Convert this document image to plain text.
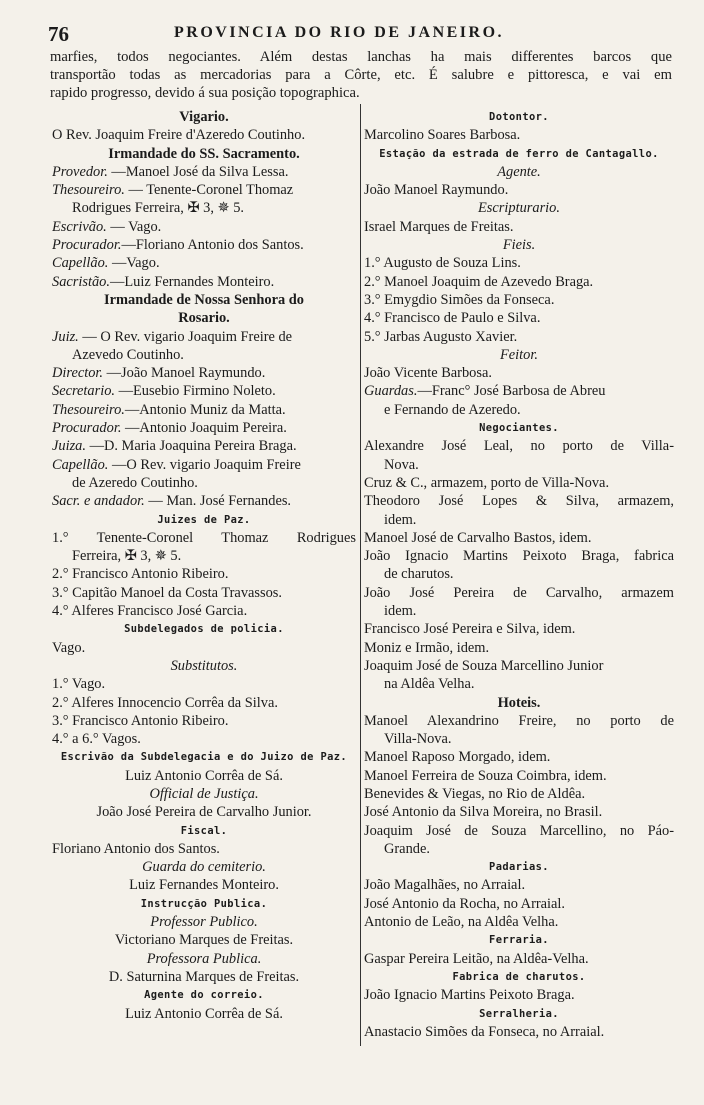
76	PROVINCIA DO RIO DE JANEIRO.

marfies, todos negociantes. Além destas lanchas ha mais differentes barcos que

transportão todas as mercadorias para a Côrte, etc. É salubre e pittoresca, e vai em

rapido progresso, devido á sua posição topographica.

Vigario.
O Rev. Joaquim Freire d'Azeredo Coutinho.
Irmandade do SS. Sacramento.
Provedor. —Manoel José da Silva Lessa.
Thesoureiro. — Tenente-Coronel Thomaz
Rodrigues Ferreira, ✠ 3, ✵ 5.
Escrivão. — Vago.
Procurador.—Floriano Antonio dos Santos.
Capellão. —Vago.
Sacristão.—Luiz Fernandes Monteiro.
Irmandade de Nossa Senhora do
Rosario.
Juiz. — O Rev. vigario Joaquim Freire de
Azevedo Coutinho.
Director. —João Manoel Raymundo.
Secretario. —Eusebio Firmino Noleto.
Thesoureiro.—Antonio Muniz da Matta.
Procurador. —Antonio Joaquim Pereira.
Juiza. —D. Maria Joaquina Pereira Braga.
Capellão. —O Rev. vigario Joaquim Freire
de Azeredo Coutinho.
Sacr. e andador. — Man. José Fernandes.
Juizes de Paz.
1.° Tenente-Coronel Thomaz Rodrigues
Ferreira, ✠ 3, ✵ 5.
2.° Francisco Antonio Ribeiro.
3.° Capitão Manoel da Costa Travassos.
4.° Alferes Francisco José Garcia.
Subdelegados de policia.
Vago.
Substitutos.
1.° Vago.
2.° Alferes Innocencio Corrêa da Silva.
3.° Francisco Antonio Ribeiro.
4.° a 6.° Vagos.
Escrivão da Subdelegacia e do Juizo de Paz.
Luiz Antonio Corrêa de Sá.
Official de Justiça.
João José Pereira de Carvalho Junior.
Fiscal.
Floriano Antonio dos Santos.
Guarda do cemiterio.
Luiz Fernandes Monteiro.
Instrucção Publica.
Professor Publico.
Victoriano Marques de Freitas.
Professora Publica.
D. Saturnina Marques de Freitas.
Agente do correio.
Luiz Antonio Corrêa de Sá.
Dotontor.
Marcolino Soares Barbosa.
Estação da estrada de ferro de Cantagallo.
Agente.
João Manoel Raymundo.
Escripturario.
Israel Marques de Freitas.
Fieis.
1.° Augusto de Souza Lins.
2.° Manoel Joaquim de Azevedo Braga.
3.° Emygdio Simões da Fonseca.
4.° Francisco de Paulo e Silva.
5.° Jarbas Augusto Xavier.
Feitor.
João Vicente Barbosa.
Guardas.—Franc° José Barbosa de Abreu
e Fernando de Azeredo.
Negociantes.
Alexandre José Leal, no porto de Villa-
Nova.
Cruz & C., armazem, porto de Villa-Nova.
Theodoro José Lopes & Silva, armazem,
idem.
Manoel José de Carvalho Bastos, idem.
João Ignacio Martins Peixoto Braga, fabrica
de charutos.
João José Pereira de Carvalho, armazem
idem.
Francisco José Pereira e Silva, idem.
Moniz e Irmão, idem.
Joaquim José de Souza Marcellino Junior
na Aldêa Velha.
Hoteis.
Manoel Alexandrino Freire, no porto de
Villa-Nova.
Manoel Raposo Morgado, idem.
Manoel Ferreira de Souza Coimbra, idem.
Benevides & Viegas, no Rio de Aldêa.
José Antonio da Silva Moreira, no Brasil.
Joaquim José de Souza Marcellino, no Páo-
Grande.
Padarias.
João Magalhães, no Arraial.
José Antonio da Rocha, no Arraial.
Antonio de Leão, na Aldêa Velha.
Ferraria.
Gaspar Pereira Leitão, na Aldêa-Velha.
Fabrica de charutos.
João Ignacio Martins Peixoto Braga.
Serralheria.
Anastacio Simões da Fonseca, no Arraial.
